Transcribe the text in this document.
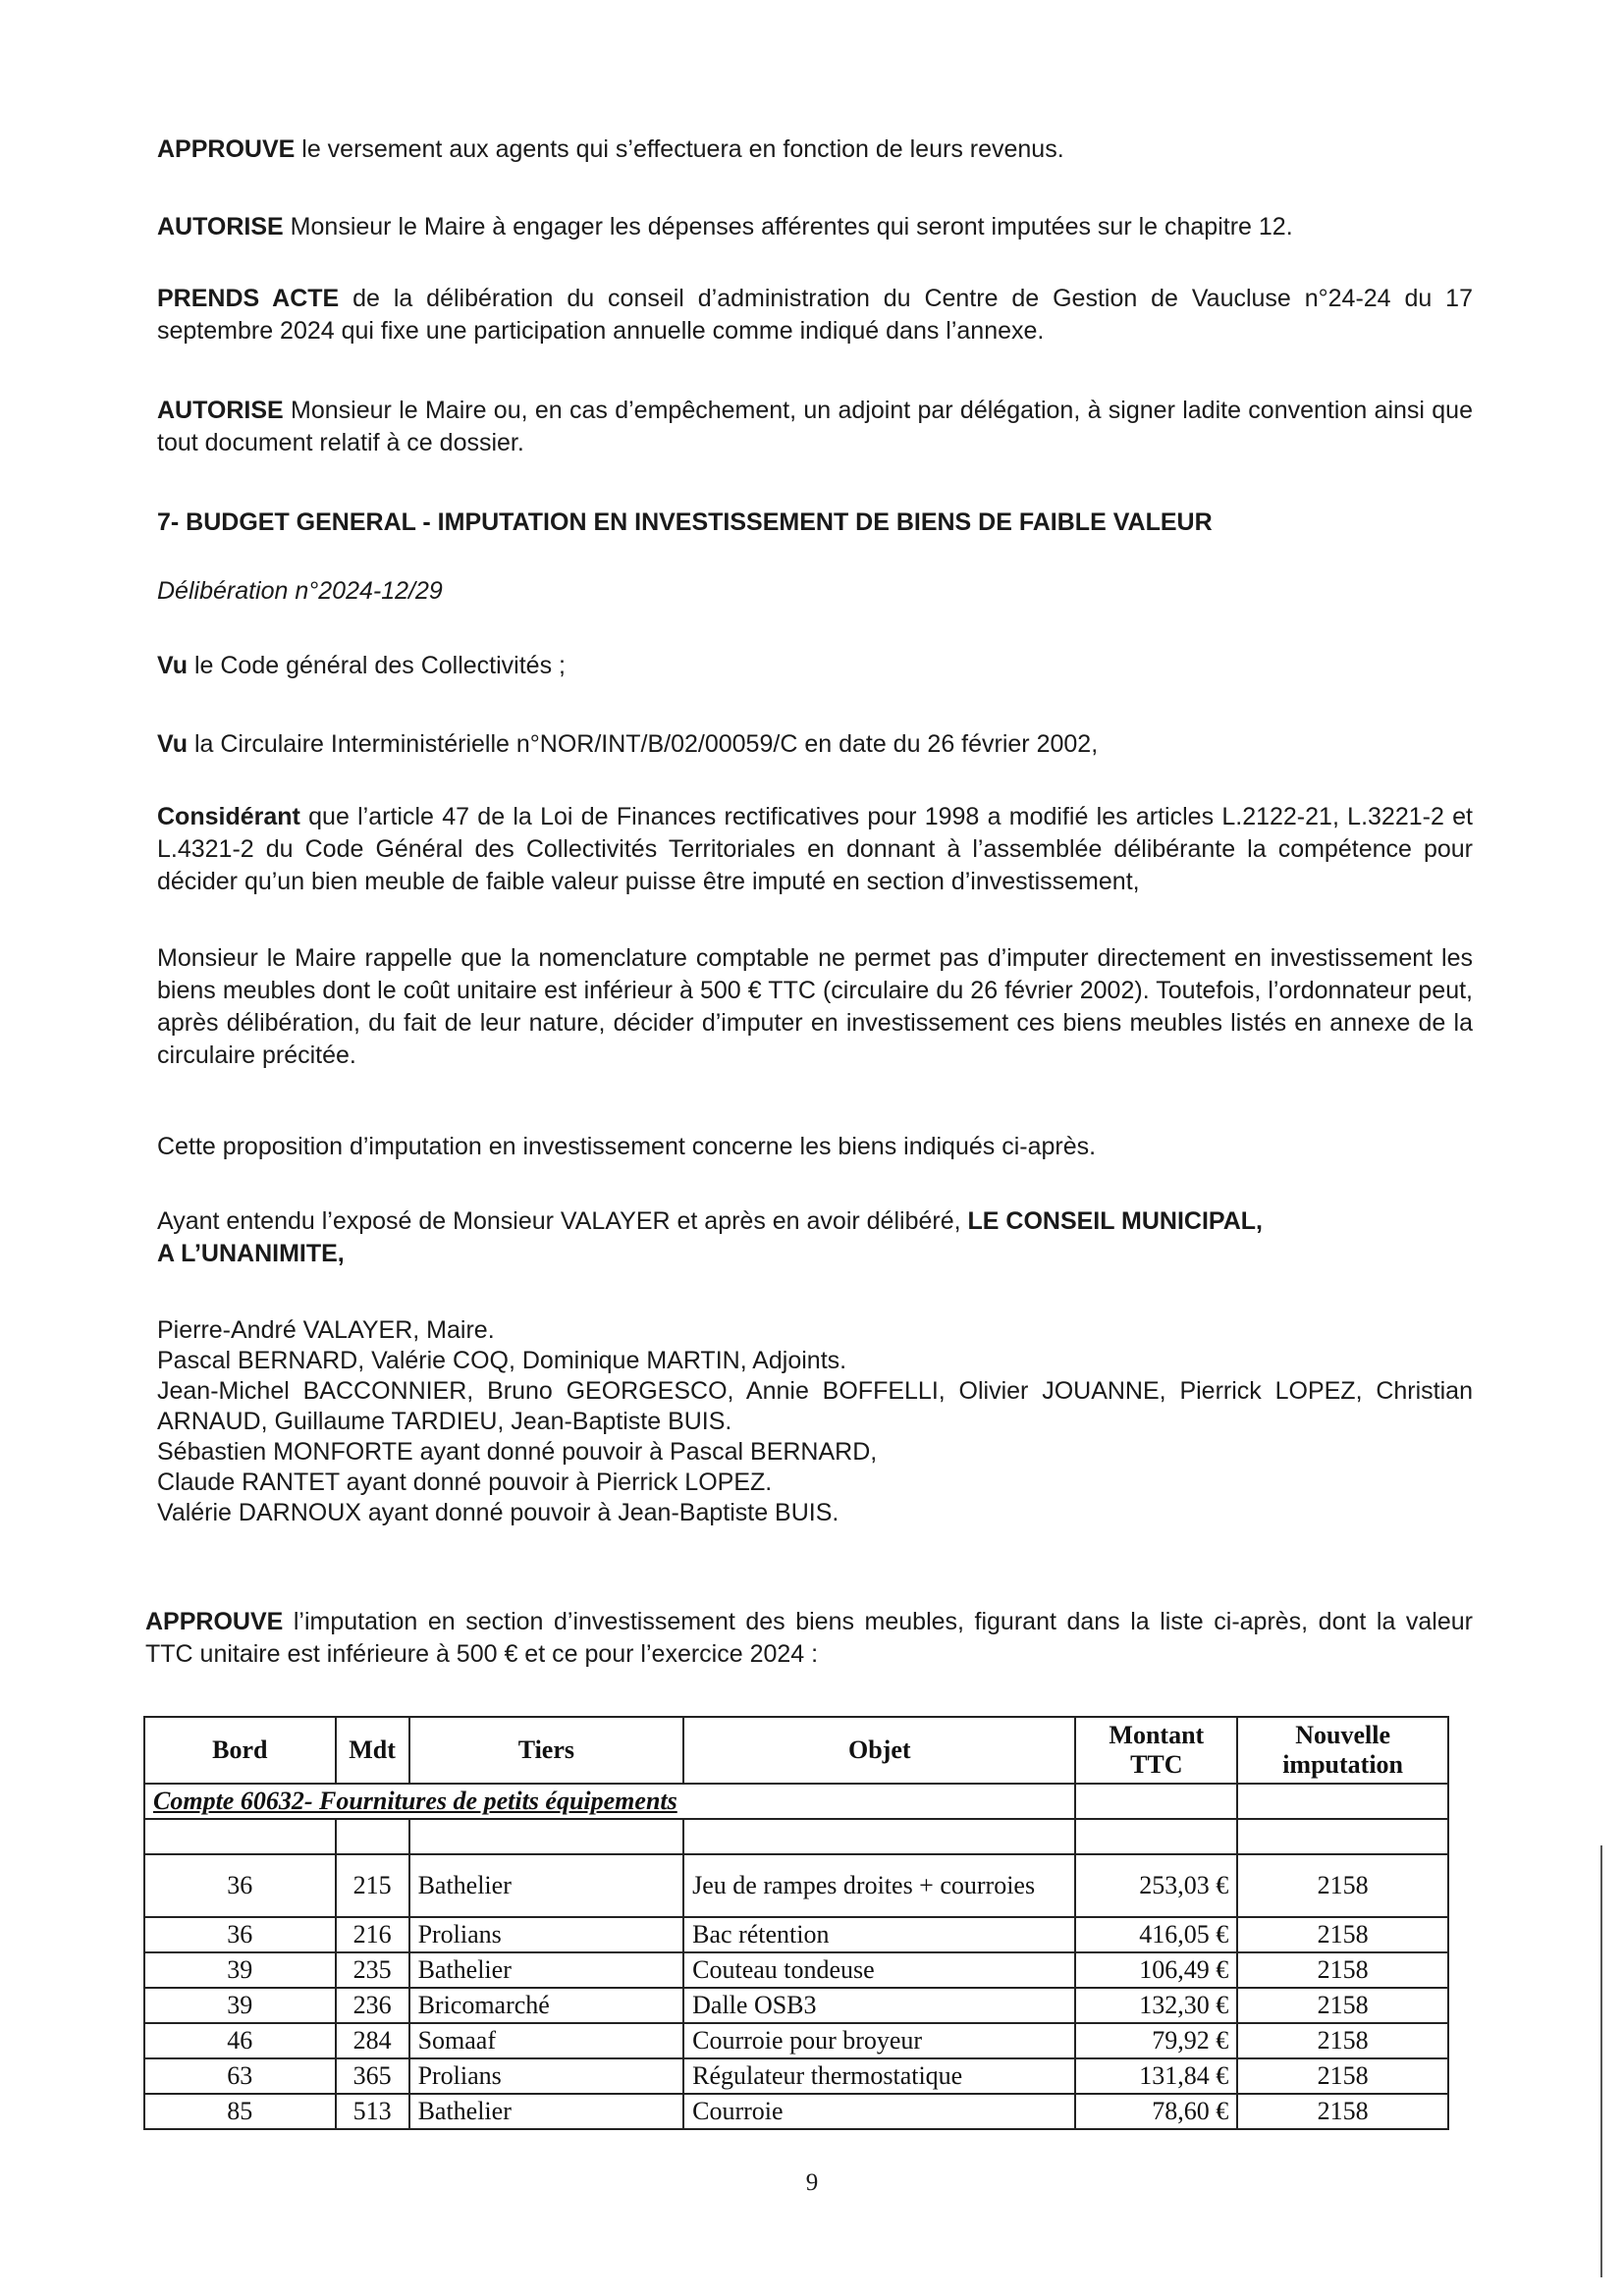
APPROUVE le versement aux agents qui s’effectuera en fonction de leurs revenus.

AUTORISE Monsieur le Maire à engager les dépenses afférentes qui seront imputées sur le chapitre 12.

PRENDS ACTE de la délibération du conseil d’administration du Centre de Gestion de Vaucluse n°24-24 du 17 septembre 2024 qui fixe une participation annuelle comme indiqué dans l’annexe.

AUTORISE Monsieur le Maire ou, en cas d’empêchement, un adjoint par délégation, à signer ladite convention ainsi que tout document relatif à ce dossier.

7- BUDGET GENERAL - IMPUTATION EN INVESTISSEMENT DE BIENS DE FAIBLE VALEUR

Délibération n°2024-12/29

Vu le Code général des Collectivités ;

Vu la Circulaire Interministérielle n°NOR/INT/B/02/00059/C en date du 26 février 2002,

Considérant que l’article 47 de la Loi de Finances rectificatives pour 1998 a modifié les articles L.2122-21, L.3221-2 et L.4321-2 du Code Général des Collectivités Territoriales en donnant à l’assemblée délibérante la compétence pour décider qu’un bien meuble de faible valeur puisse être imputé en section d’investissement,

Monsieur le Maire rappelle que la nomenclature comptable ne permet pas d’imputer directement en investissement les biens meubles dont le coût unitaire est inférieur à 500 € TTC (circulaire du 26 février 2002). Toutefois, l’ordonnateur peut, après délibération, du fait de leur nature, décider d’imputer en investissement ces biens meubles listés en annexe de la circulaire précitée.

Cette proposition d’imputation en investissement concerne les biens indiqués ci-après.

Ayant entendu l’exposé de Monsieur VALAYER et après en avoir délibéré, LE CONSEIL MUNICIPAL,
A L’UNANIMITE,

Pierre-André VALAYER, Maire.
Pascal BERNARD, Valérie COQ, Dominique MARTIN, Adjoints.
Jean-Michel BACCONNIER, Bruno GEORGESCO, Annie BOFFELLI, Olivier JOUANNE, Pierrick LOPEZ, Christian ARNAUD, Guillaume TARDIEU, Jean-Baptiste BUIS.
Sébastien MONFORTE ayant donné pouvoir à Pascal BERNARD,
Claude RANTET ayant donné pouvoir à Pierrick LOPEZ.
Valérie DARNOUX ayant donné pouvoir à Jean-Baptiste BUIS.

APPROUVE l’imputation en section d’investissement des biens meubles, figurant dans la liste ci-après, dont la valeur TTC unitaire est inférieure à 500 € et ce pour l’exercice 2024 :

Bord	Mdt	Tiers	Objet	Montant TTC	Nouvelle imputation
Compte 60632- Fournitures de petits équipements					

36	215	Bathelier	Jeu de rampes droites + courroies	253,03 €	2158
36	216	Prolians	Bac rétention	416,05 €	2158
39	235	Bathelier	Couteau tondeuse	106,49 €	2158
39	236	Bricomarché	Dalle OSB3	132,30 €	2158
46	284	Somaaf	Courroie pour broyeur	79,92 €	2158
63	365	Prolians	Régulateur thermostatique	131,84 €	2158
85	513	Bathelier	Courroie	78,60 €	2158
9
